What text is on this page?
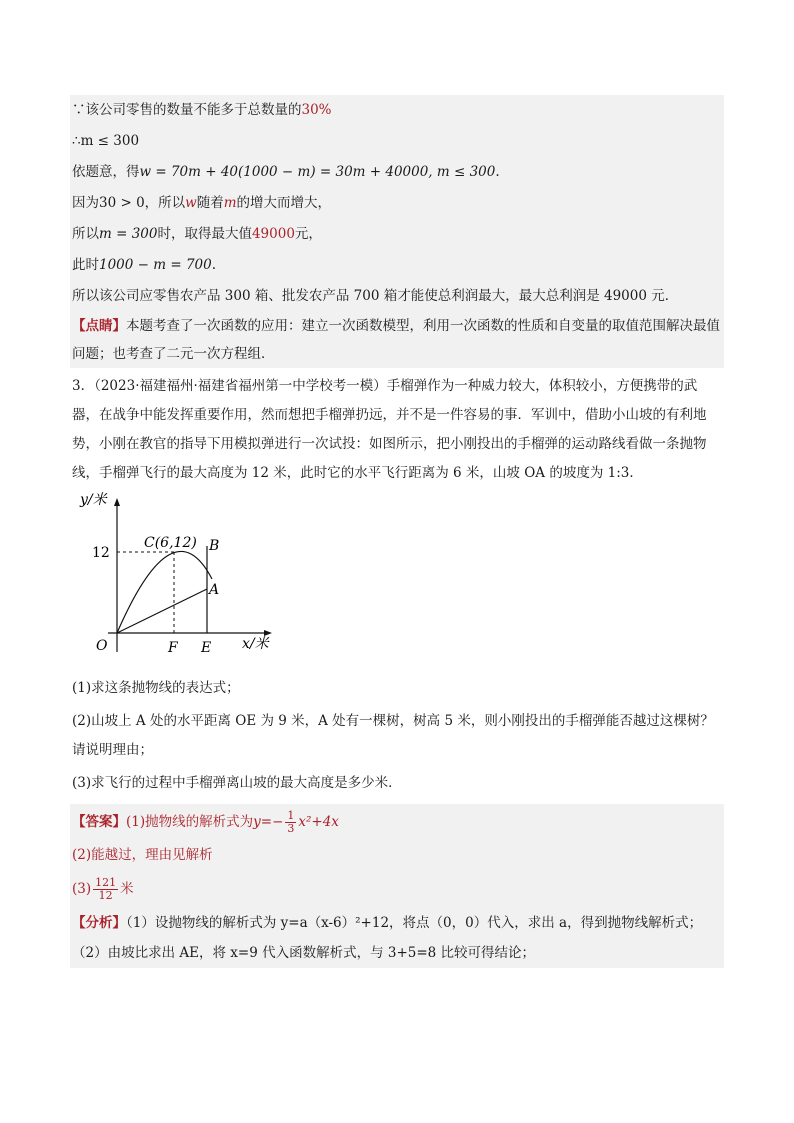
∵该公司零售的数量不能多于总数量的30%
∴m ≤ 300
依题意，得w = 70m + 40(1000 − m) = 30m + 40000, m ≤ 300.
因为30 > 0，所以w随着m的增大而增大，
所以m = 300时，取得最大值49000元，
此时1000 − m = 700.
所以该公司应零售农产品 300 箱、批发农产品 700 箱才能使总利润最大，最大总利润是 49000 元．
【点睛】本题考查了一次函数的应用：建立一次函数模型，利用一次函数的性质和自变量的取值范围解决最值问题；也考查了二元一次方程组．
3．（2023·福建福州·福建省福州第一中学校考一模）手榴弹作为一种威力较大，体积较小，方便携带的武器，在战争中能发挥重要作用，然而想把手榴弹扔远，并不是一件容易的事．军训中，借助小山坡的有利地势，小刚在教官的指导下用模拟弹进行一次试投：如图所示，把小刚投出的手榴弹的运动路线看做一条抛物线，手榴弹飞行的最大高度为 12 米，此时它的水平飞行距离为 6 米，山坡 OA 的坡度为 1:3．
y/米
x/米
12
C(6,12) B
A
O	F E
(1)求这条抛物线的表达式；
(2)山坡上 A 处的水平距离 OE 为 9 米，A 处有一棵树，树高 5 米，则小刚投出的手榴弹能否越过这棵树？
请说明理由；
(3)求飞行的过程中手榴弹离山坡的最大高度是多少米．
【答案】(1)抛物线的解析式为$y=- \frac{1}{3} x^2+4x$
(2)能越过，理由见解析
$(3) \frac{121}{12}$ 米
【分析】（1）设抛物线的解析式为 y=a（x-6）²+12，将点（0，0）代入，求出 a，得到抛物线解析式；
（2）由坡比求出 AE，将 x=9 代入函数解析式，与 3+5=8 比较可得结论；
